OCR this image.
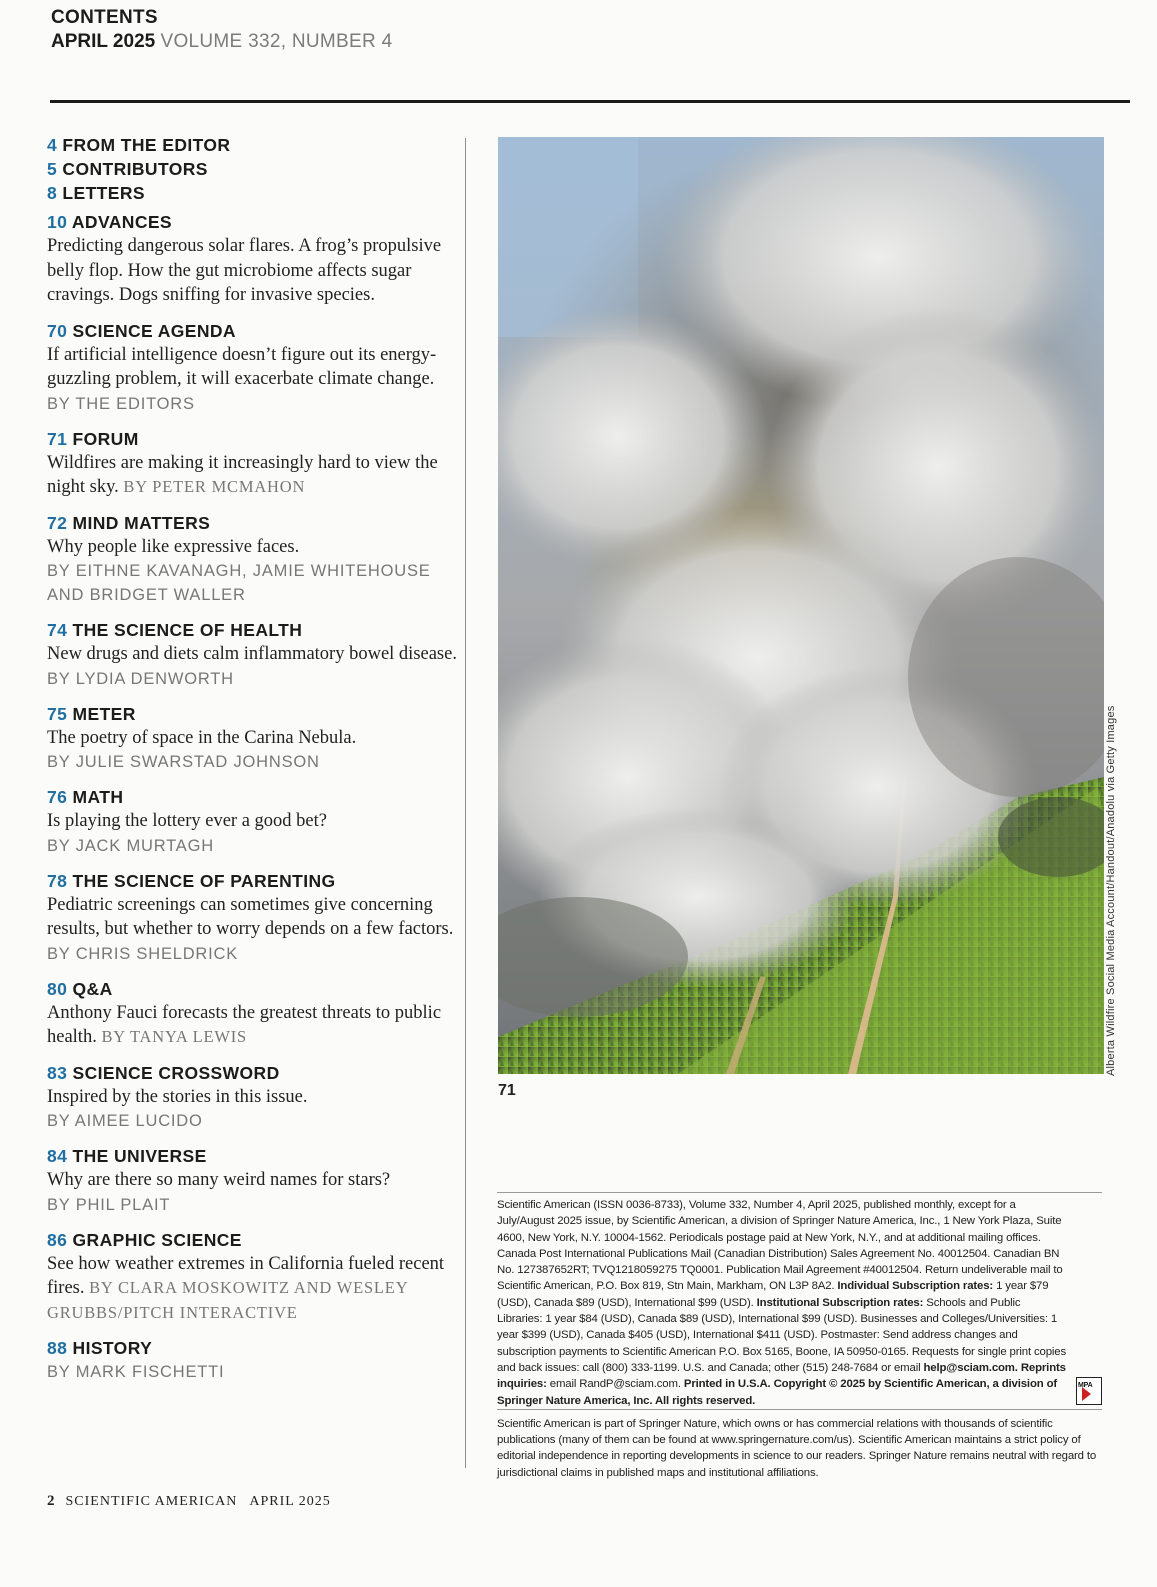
CONTENTS
APRIL 2025 VOLUME 332, NUMBER 4
4 FROM THE EDITOR
5 CONTRIBUTORS
8 LETTERS
10 ADVANCES
Predicting dangerous solar flares. A frog’s propulsive belly flop. How the gut microbiome affects sugar cravings. Dogs sniffing for invasive species.
70 SCIENCE AGENDA
If artificial intelligence doesn’t figure out its energy-guzzling problem, it will exacerbate climate change.
BY THE EDITORS
71 FORUM
Wildfires are making it increasingly hard to view the night sky. BY PETER MCMAHON
72 MIND MATTERS
Why people like expressive faces.
BY EITHNE KAVANAGH, JAMIE WHITEHOUSE AND BRIDGET WALLER
74 THE SCIENCE OF HEALTH
New drugs and diets calm inflammatory bowel disease.
BY LYDIA DENWORTH
75 METER
The poetry of space in the Carina Nebula.
BY JULIE SWARSTAD JOHNSON
76 MATH
Is playing the lottery ever a good bet?
BY JACK MURTAGH
78 THE SCIENCE OF PARENTING
Pediatric screenings can sometimes give concerning results, but whether to worry depends on a few factors.
BY CHRIS SHELDRICK
80 Q&A
Anthony Fauci forecasts the greatest threats to public health. BY TANYA LEWIS
83 SCIENCE CROSSWORD
Inspired by the stories in this issue.
BY AIMEE LUCIDO
84 THE UNIVERSE
Why are there so many weird names for stars?
BY PHIL PLAIT
86 GRAPHIC SCIENCE
See how weather extremes in California fueled recent fires. BY CLARA MOSKOWITZ AND WESLEY GRUBBS/PITCH INTERACTIVE
88 HISTORY
BY MARK FISCHETTI
Alberta Wildfire Social Media Account/Handout/Anadolu via Getty Images
71
Scientific American (ISSN 0036-8733), Volume 332, Number 4, April 2025, published monthly, except for a July/August 2025 issue, by Scientific American, a division of Springer Nature America, Inc., 1 New York Plaza, Suite 4600, New York, N.Y. 10004-1562. Periodicals postage paid at New York, N.Y., and at additional mailing offices. Canada Post International Publications Mail (Canadian Distribution) Sales Agreement No. 40012504. Canadian BN No. 127387652RT; TVQ1218059275 TQ0001. Publication Mail Agreement #40012504. Return undeliverable mail to Scientific American, P.O. Box 819, Stn Main, Markham, ON L3P 8A2. Individual Subscription rates: 1 year $79 (USD), Canada $89 (USD), International $99 (USD). Institutional Subscription rates: Schools and Public Libraries: 1 year $84 (USD), Canada $89 (USD), International $99 (USD). Businesses and Colleges/Universities: 1 year $399 (USD), Canada $405 (USD), International $411 (USD). Postmaster: Send address changes and subscription payments to Scientific American P.O. Box 5165, Boone, IA 50950-0165. Requests for single print copies and back issues: call (800) 333-1199. U.S. and Canada; other (515) 248-7684 or email help@sciam.com. Reprints inquiries: email RandP@sciam.com. Printed in U.S.A. Copyright © 2025 by Scientific American, a division of Springer Nature America, Inc. All rights reserved.
MPA
Scientific American is part of Springer Nature, which owns or has commercial relations with thousands of scientific publications (many of them can be found at www.springernature.com/us). Scientific American maintains a strict policy of editorial independence in reporting developments in science to our readers. Springer Nature remains neutral with regard to jurisdictional claims in published maps and institutional affiliations.
2 SCIENTIFIC AMERICAN APRIL 2025
